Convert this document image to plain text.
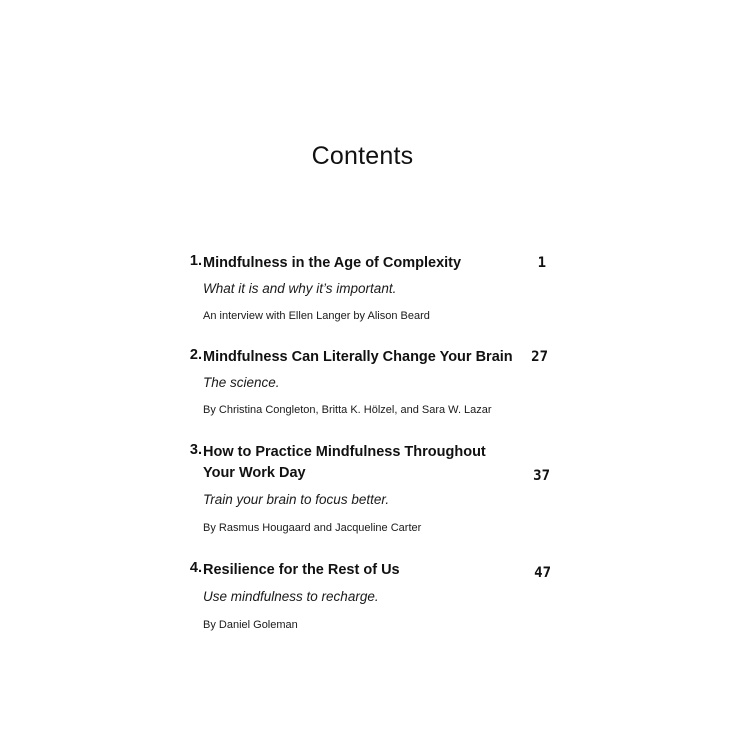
Contents
1. Mindfulness in the Age of Complexity	1
What it is and why it’s important.
An interview with Ellen Langer by Alison Beard
2. Mindfulness Can Literally Change Your Brain	27
The science.
By Christina Congleton, Britta K. Hölzel, and Sara W. Lazar
3. How to Practice Mindfulness Throughout Your Work Day	37
Train your brain to focus better.
By Rasmus Hougaard and Jacqueline Carter
4. Resilience for the Rest of Us	47
Use mindfulness to recharge.
By Daniel Goleman
